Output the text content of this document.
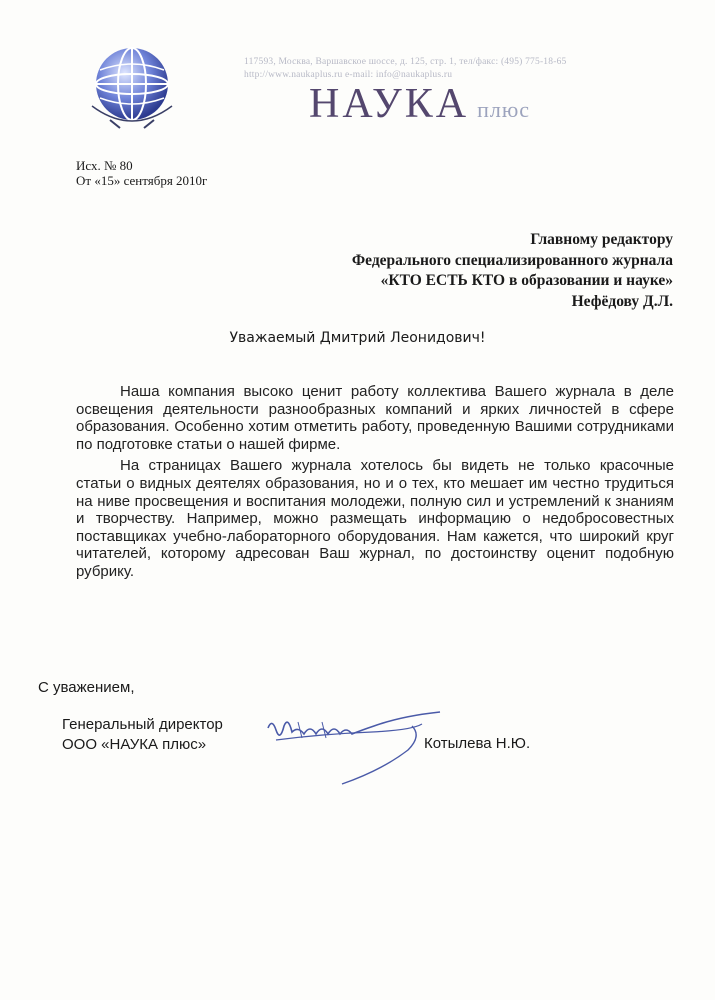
117593, Москва, Варшавское шоссе, д. 125, стр. 1, тел/факс: (495) 775-18-65
http://www.naukaplus.ru e-mail: info@naukaplus.ru
НАУКА плюс
Исх. № 80
От «15» сентября 2010г
Главному редактору
Федерального специализированного журнала
«КТО ЕСТЬ КТО в образовании и науке»
Нефёдову Д.Л.
Уважаемый Дмитрий Леонидович!

Наша компания высоко ценит работу коллектива Вашего журнала в деле освещения деятельности разнообразных компаний и ярких личностей в сфере образования. Особенно хотим отметить работу, проведенную Вашими сотрудниками по подготовке статьи о нашей фирме.

На страницах Вашего журнала хотелось бы видеть не только красочные статьи о видных деятелях образования, но и о тех, кто мешает им честно трудиться на ниве просвещения и воспитания молодежи, полную сил и устремлений к знаниям и творчеству. Например, можно размещать информацию о недобросовестных поставщиках учебно-лабораторного оборудования. Нам кажется, что широкий круг читателей, которому адресован Ваш журнал, по достоинству оценит подобную рубрику.

С уважением,
Генеральный директор
ООО «НАУКА плюс»	Котылева Н.Ю.
